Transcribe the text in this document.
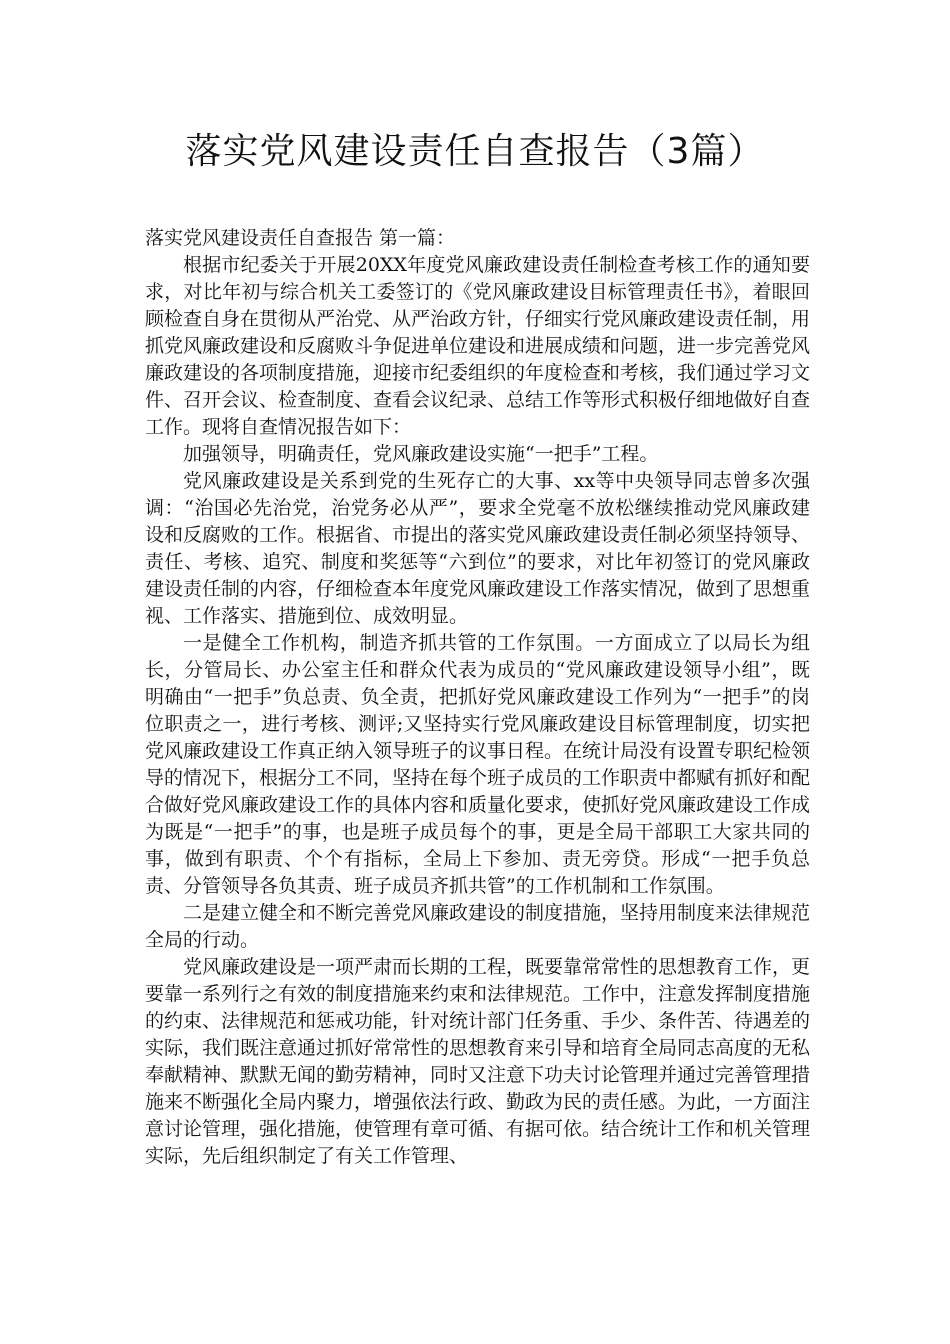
落实党风建设责任自查报告（3篇）

落实党风建设责任自查报告 第一篇：

根据市纪委关于开展20XX年度党风廉政建设责任制检查考核工作的通知要求，对比年初与综合机关工委签订的《党风廉政建设目标管理责任书》，着眼回顾检查自身在贯彻从严治党、从严治政方针，仔细实行党风廉政建设责任制，用抓党风廉政建设和反腐败斗争促进单位建设和进展成绩和问题，进一步完善党风廉政建设的各项制度措施，迎接市纪委组织的年度检查和考核，我们通过学习文件、召开会议、检查制度、查看会议纪录、总结工作等形式积极仔细地做好自查工作。现将自查情况报告如下：

加强领导，明确责任，党风廉政建设实施“一把手”工程。

党风廉政建设是关系到党的生死存亡的大事、xx等中央领导同志曾多次强调：“治国必先治党，治党务必从严”，要求全党毫不放松继续推动党风廉政建设和反腐败的工作。根据省、市提出的落实党风廉政建设责任制必须坚持领导、责任、考核、追究、制度和奖惩等“六到位”的要求，对比年初签订的党风廉政建设责任制的内容，仔细检查本年度党风廉政建设工作落实情况，做到了思想重视、工作落实、措施到位、成效明显。

一是健全工作机构，制造齐抓共管的工作氛围。一方面成立了以局长为组长，分管局长、办公室主任和群众代表为成员的“党风廉政建设领导小组”，既明确由“一把手”负总责、负全责，把抓好党风廉政建设工作列为“一把手”的岗位职责之一，进行考核、测评;又坚持实行党风廉政建设目标管理制度，切实把党风廉政建设工作真正纳入领导班子的议事日程。在统计局没有设置专职纪检领导的情况下，根据分工不同，坚持在每个班子成员的工作职责中都赋有抓好和配合做好党风廉政建设工作的具体内容和质量化要求，使抓好党风廉政建设工作成为既是“一把手”的事，也是班子成员每个的事，更是全局干部职工大家共同的事，做到有职责、个个有指标，全局上下参加、责无旁贷。形成“一把手负总责、分管领导各负其责、班子成员齐抓共管”的工作机制和工作氛围。

二是建立健全和不断完善党风廉政建设的制度措施，坚持用制度来法律规范全局的行动。

党风廉政建设是一项严肃而长期的工程，既要靠常常性的思想教育工作，更要靠一系列行之有效的制度措施来约束和法律规范。工作中，注意发挥制度措施的约束、法律规范和惩戒功能，针对统计部门任务重、手少、条件苦、待遇差的实际，我们既注意通过抓好常常性的思想教育来引导和培育全局同志高度的无私奉献精神、默默无闻的勤劳精神，同时又注意下功夫讨论管理并通过完善管理措施来不断强化全局内聚力，增强依法行政、勤政为民的责任感。为此，一方面注意讨论管理，强化措施，使管理有章可循、有据可依。结合统计工作和机关管理实际，先后组织制定了有关工作管理、
